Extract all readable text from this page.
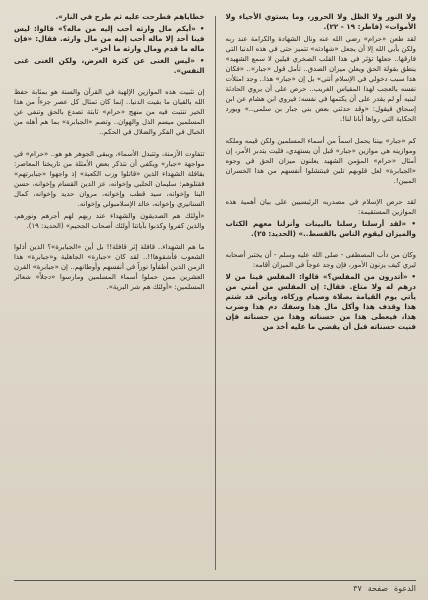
ولا النور ولا الظل ولا الحرور، وما يستوي الأحياء ولا الأموات» (فاطر: ١٩ - ٢٢).

لقد طعن «حرام» رضي الله عنه ونال الشهادة والكرامة عند ربه ولكن بأبي الله إلا أن يجعل «شهادته» تتميز حتى في هذه الدنيا التي فارقها.. جعلها تؤثر في هذا القلب الصخري فيلين لا سمع الشهيد» ينطق بقولة الحق ويعلن ميزان الصدق.. تأمل قول «جبار».. «فكان هذا سبب دخولي في الإسلام أنتي» بل إن «جبار» هذا.. وجد امتلأت نفسه بالعجب لهذا المقياس الغريب.. حرص على أن يروي الحادثة لبنيه أو لم يقدر على أن يكتمها في نفسه: فيروي ابن هشام عن ابن إسحاق فيقول: «وقد حدثني بعض بني جبار بن سلمى..» ويورد الحكاية التي رواها أبانا لنا!.

كم «جبار» بيننا يحمل اسماً من أسماء المسلمين ولكن قيمه وملكه وموازينه هي موازين «جبار» قبل أن يستهدي، فليت يتدبر الأمر، إن أمثال «حرام» المؤمن الشهيد يعلنون ميزان الحق في وجوه «الجبابرة» لعل قلوبهم تلين فينتشلوا أنفسهم من هذا الخسران المبين!.

لقد حرص الإسلام في مصدريه الرئيسيين على بيان أهمية هذه الموازين المستقيمة:

• «لقد أرسلنا رسلنا بالبينات وأنزلنا معهم الكتاب والميزان ليقوم الناس بالقسط..» (الحديد: ٢٥).

وكان من دأب المصطفى - صلى الله عليه وسلم - أن يختبر أصحابه ليري كيف يزنون الأمور، فإن وجد عوجاً في الميزان أقامه:

• «أتدرون من المفلس؟» قالوا: المفلس فينا من لا درهم له ولا متاع. فقال: إن المفلس من أمتي من يأتي يوم القيامة بصلاة وصيام وزكاة، ويأتي قد شتم هذا وقذف هذا وأكل مال هذا وسفك دم هذا وضرب هذا، فيعطى هذا من حسناته وهذا من حسناته فإن فنيت حسناته قبل أن يقضي ما عليه أخذ من

خطاياهم فطرحت عليه ثم طرح في النار».

• «أيكم مال وارثه أحب إليه من ماله؟» قالوا: ليس فينا أحد إلا ماله أحب إليه من مال وارثه. فقال: «فإن ماله ما قدم ومال وارثه ما أخر».

• «ليس الغنى عن كثرة العرض، ولكن الغنى غنى النفس».

إن تثبيت هذه الموازين الإلهية في القرآن والسنة هو بمثابة حفظ الله بالقيان ما بقيت الدنيا.. إنما كان تمثال كل عصر جزءاً من هذا الخير تنتبت فيه من منهج «حرام» ثابتة تصدع بالحق وتنفي عن المسلمين ميسم الذل والهوان.. وتصم «الجبابرة» بما هم أهله من الخبال في الفكر والضلال في الحكم..

تتفاوت الأزمنة، وتتبدل الأسماء، ويبقى الجوهر هو هو.. «حرام» في مواجهة «جبار» ويكفي أن نتذكر بعض الأمثلة من تاريخنا المعاصر: بقافلة الشهداء الذين «قاتلوا ورب الكعبة» إذ واجهوا «جبابرتهم» فقتلوهم: سليمان الحلبي وإخوانه، عز الدين القسام وإخوانه، حسن البنا وإخوانه، سيد قطب وإخوانه، مروان حديد وإخوانه، كمال السنانيري وإخوانه، خالد الإسلامبولي وإخوانه.

«أولئك هم الصديقون والشهداء عند ربهم لهم أجرهم ونورهم، والذين كفروا وكذبوا بآياتنا أولئك أصحاب الجحيم» (الحديد: ١٩).

ما هم الشهداء.. قافلة إثر قافلة!! بل أين «الجبابرة»؟ الذين أذلوا الشعوب فأشقوها!!.. لقد كان «جبارة» الجاهلية و«جبابرة» هذا الزمن الذين أطفأوا نوراً في أنفسهم وأوطانهم.. إن «جبابرة» القرن العشرين ممن حملوا أسماء المسلمين ومارسوا «دجلاً» شعائر المسلمين: «أولئك هم شر البرية».

الدعوة
صفحة
٣٧
